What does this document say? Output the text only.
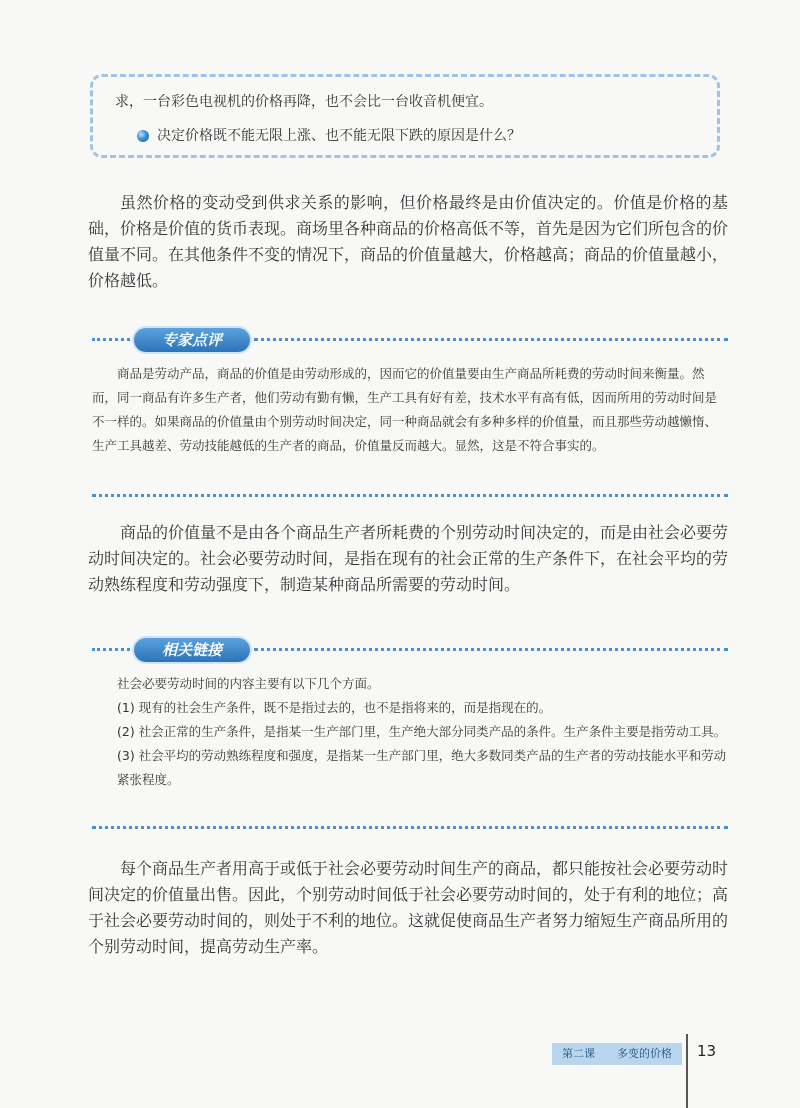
求，一台彩色电视机的价格再降，也不会比一台收音机便宜。

决定价格既不能无限上涨、也不能无限下跌的原因是什么？

虽然价格的变动受到供求关系的影响，但价格最终是由价值决定的。价值是价格的基础，价格是价值的货币表现。商场里各种商品的价格高低不等，首先是因为它们所包含的价值量不同。在其他条件不变的情况下，商品的价值量越大，价格越高；商品的价值量越小，价格越低。

专家点评

商品是劳动产品，商品的价值是由劳动形成的，因而它的价值量要由生产商品所耗费的劳动时间来衡量。然而，同一商品有许多生产者，他们劳动有勤有懒，生产工具有好有差，技术水平有高有低，因而所用的劳动时间是不一样的。如果商品的价值量由个别劳动时间决定，同一种商品就会有多种多样的价值量，而且那些劳动越懒惰、生产工具越差、劳动技能越低的生产者的商品，价值量反而越大。显然，这是不符合事实的。

商品的价值量不是由各个商品生产者所耗费的个别劳动时间决定的，而是由社会必要劳动时间决定的。社会必要劳动时间，是指在现有的社会正常的生产条件下，在社会平均的劳动熟练程度和劳动强度下，制造某种商品所需要的劳动时间。

相关链接

社会必要劳动时间的内容主要有以下几个方面。

(1) 现有的社会生产条件，既不是指过去的，也不是指将来的，而是指现在的。

(2) 社会正常的生产条件，是指某一生产部门里，生产绝大部分同类产品的条件。生产条件主要是指劳动工具。

(3) 社会平均的劳动熟练程度和强度，是指某一生产部门里，绝大多数同类产品的生产者的劳动技能水平和劳动紧张程度。

每个商品生产者用高于或低于社会必要劳动时间生产的商品，都只能按社会必要劳动时间决定的价值量出售。因此，个别劳动时间低于社会必要劳动时间的，处于有利的地位；高于社会必要劳动时间的，则处于不利的地位。这就促使商品生产者努力缩短生产商品所用的个别劳动时间，提高劳动生产率。

第二课 多变的价格 13
